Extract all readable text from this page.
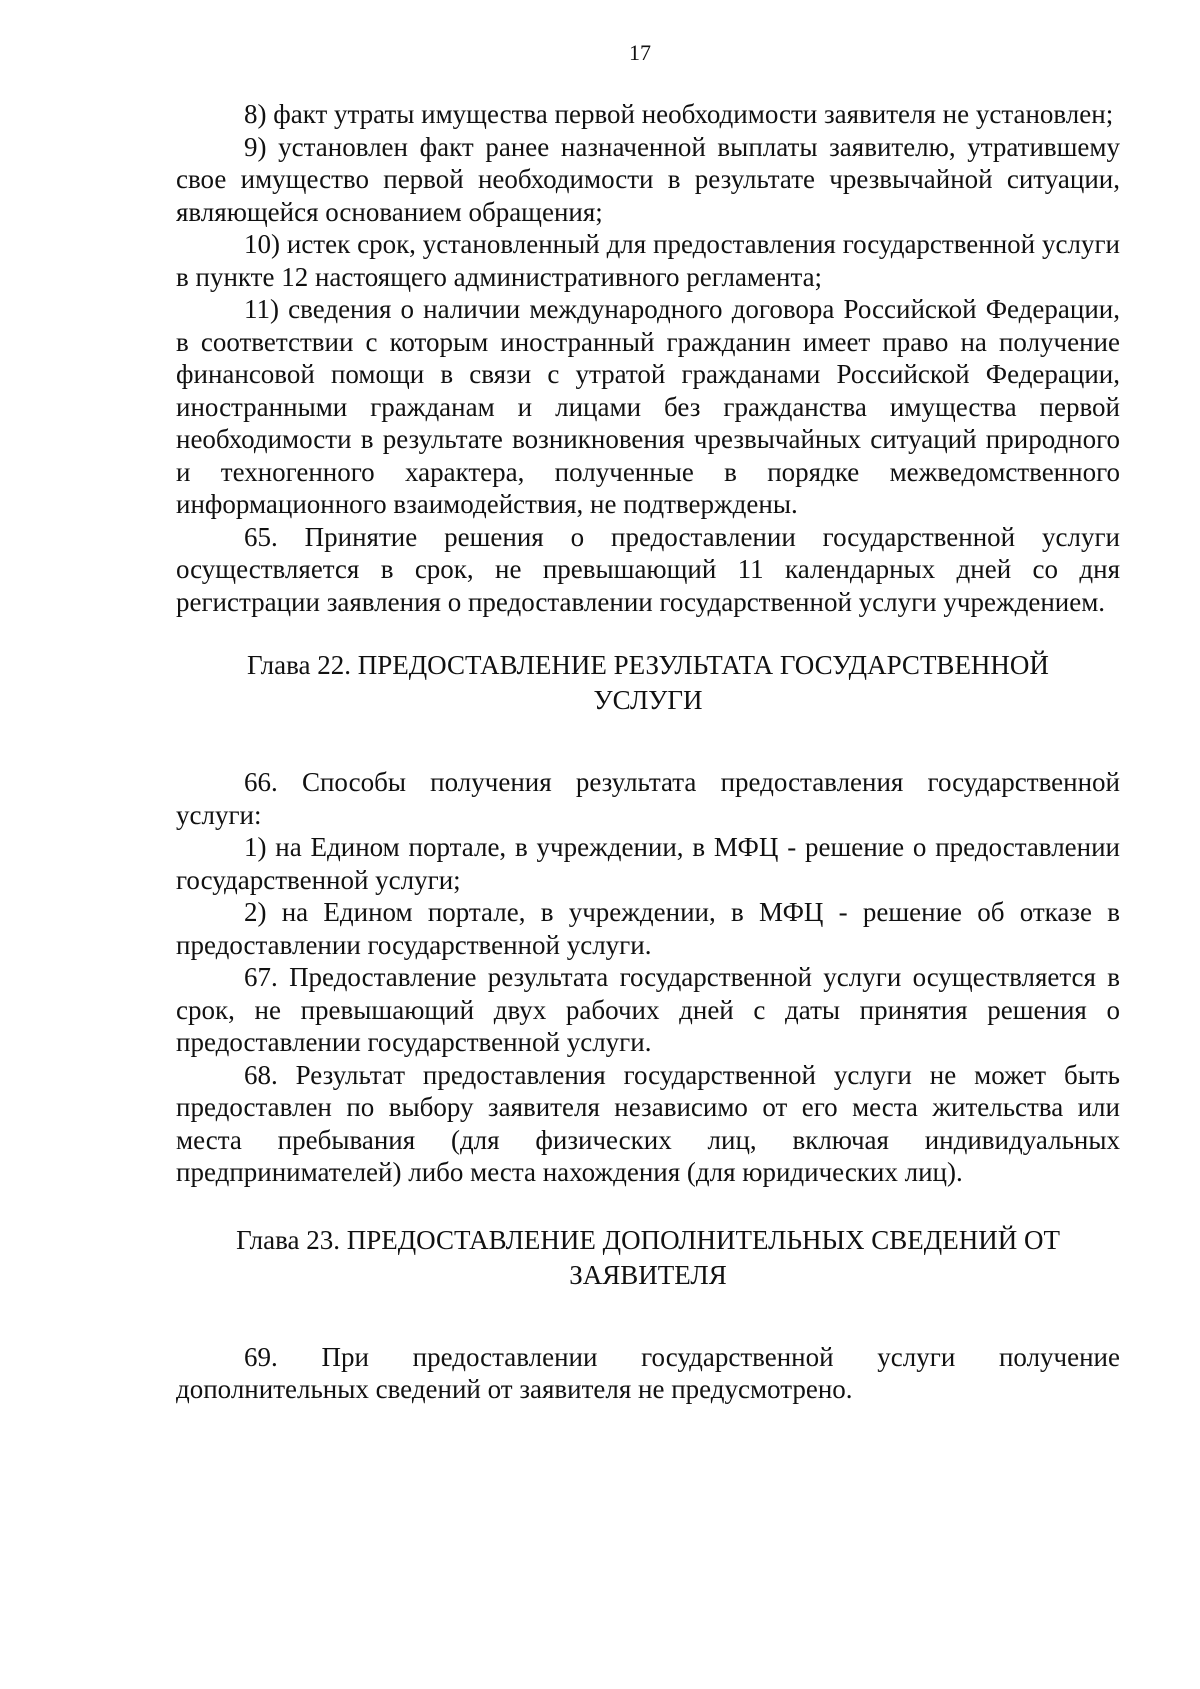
17

8) факт утраты имущества первой необходимости заявителя не установлен;

9) установлен факт ранее назначенной выплаты заявителю, утратившему свое имущество первой необходимости в результате чрезвычайной ситуации, являющейся основанием обращения;

10) истек срок, установленный для предоставления государственной услуги в пункте 12 настоящего административного регламента;

11) сведения о наличии международного договора Российской Федерации, в соответствии с которым иностранный гражданин имеет право на получение финансовой помощи в связи с утратой гражданами Российской Федерации, иностранными гражданам и лицами без гражданства имущества первой необходимости в результате возникновения чрезвычайных ситуаций природного и техногенного характера, полученные в порядке межведомственного информационного взаимодействия, не подтверждены.

65. Принятие решения о предоставлении государственной услуги осуществляется в срок, не превышающий 11 календарных дней со дня регистрации заявления о предоставлении государственной услуги учреждением.

Глава 22. ПРЕДОСТАВЛЕНИЕ РЕЗУЛЬТАТА ГОСУДАРСТВЕННОЙ
УСЛУГИ

66. Способы получения результата предоставления государственной услуги:

1) на Едином портале, в учреждении, в МФЦ - решение о предоставлении государственной услуги;

2) на Едином портале, в учреждении, в МФЦ - решение об отказе в предоставлении государственной услуги.

67. Предоставление результата государственной услуги осуществляется в срок, не превышающий двух рабочих дней с даты принятия решения о предоставлении государственной услуги.

68. Результат предоставления государственной услуги не может быть предоставлен по выбору заявителя независимо от его места жительства или места пребывания (для физических лиц, включая индивидуальных предпринимателей) либо места нахождения (для юридических лиц).

Глава 23. ПРЕДОСТАВЛЕНИЕ ДОПОЛНИТЕЛЬНЫХ СВЕДЕНИЙ ОТ
ЗАЯВИТЕЛЯ

69. При предоставлении государственной услуги получение дополнительных сведений от заявителя не предусмотрено.
